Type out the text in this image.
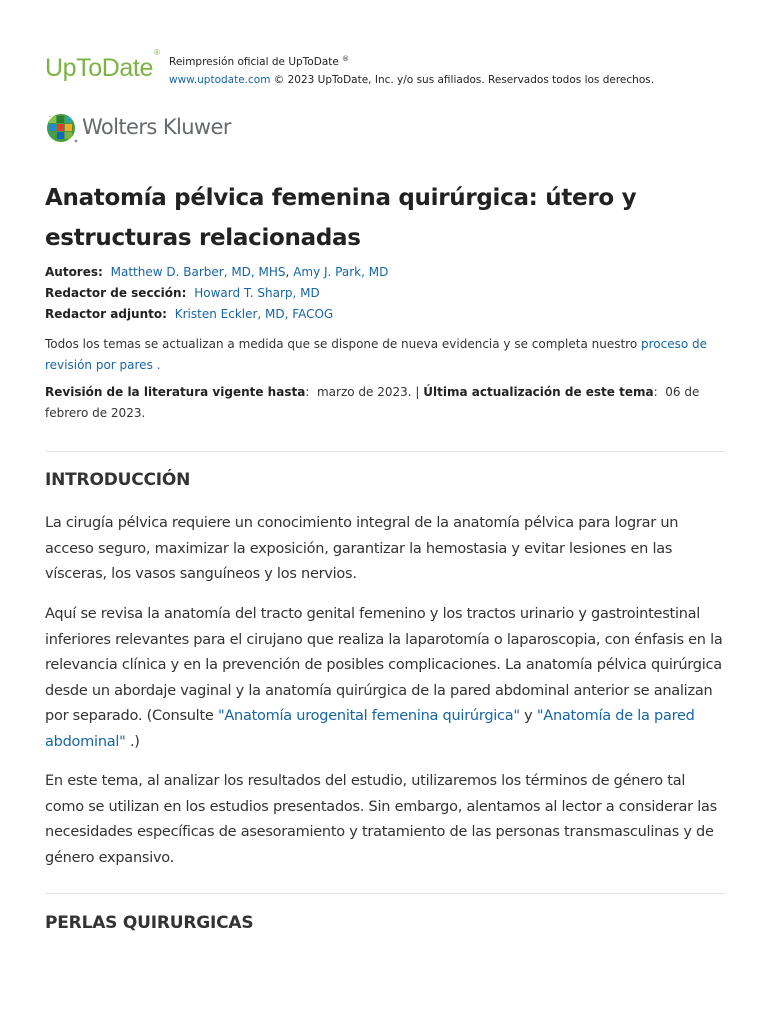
UpToDate®
Reimpresión oficial de UpToDate ®
www.uptodate.com © 2023 UpToDate, Inc. y/o sus afiliados. Reservados todos los derechos.
Wolters Kluwer
Anatomía pélvica femenina quirúrgica: útero y estructuras relacionadas
Autores: Matthew D. Barber, MD, MHS, Amy J. Park, MD
Redactor de sección: Howard T. Sharp, MD
Redactor adjunto: Kristen Eckler, MD, FACOG

Todos los temas se actualizan a medida que se dispone de nueva evidencia y se completa nuestro proceso de revisión por pares .

Revisión de la literatura vigente hasta:  marzo de 2023. | Última actualización de este tema:  06 de febrero de 2023.

INTRODUCCIÓN

La cirugía pélvica requiere un conocimiento integral de la anatomía pélvica para lograr un acceso seguro, maximizar la exposición, garantizar la hemostasia y evitar lesiones en las vísceras, los vasos sanguíneos y los nervios.

Aquí se revisa la anatomía del tracto genital femenino y los tractos urinario y gastrointestinal inferiores relevantes para el cirujano que realiza la laparotomía o laparoscopia, con énfasis en la relevancia clínica y en la prevención de posibles complicaciones. La anatomía pélvica quirúrgica desde un abordaje vaginal y la anatomía quirúrgica de la pared abdominal anterior se analizan por separado. (Consulte "Anatomía urogenital femenina quirúrgica" y "Anatomía de la pared abdominal" .)

En este tema, al analizar los resultados del estudio, utilizaremos los términos de género tal como se utilizan en los estudios presentados. Sin embargo, alentamos al lector a considerar las necesidades específicas de asesoramiento y tratamiento de las personas transmasculinas y de género expansivo.

PERLAS QUIRURGICAS
